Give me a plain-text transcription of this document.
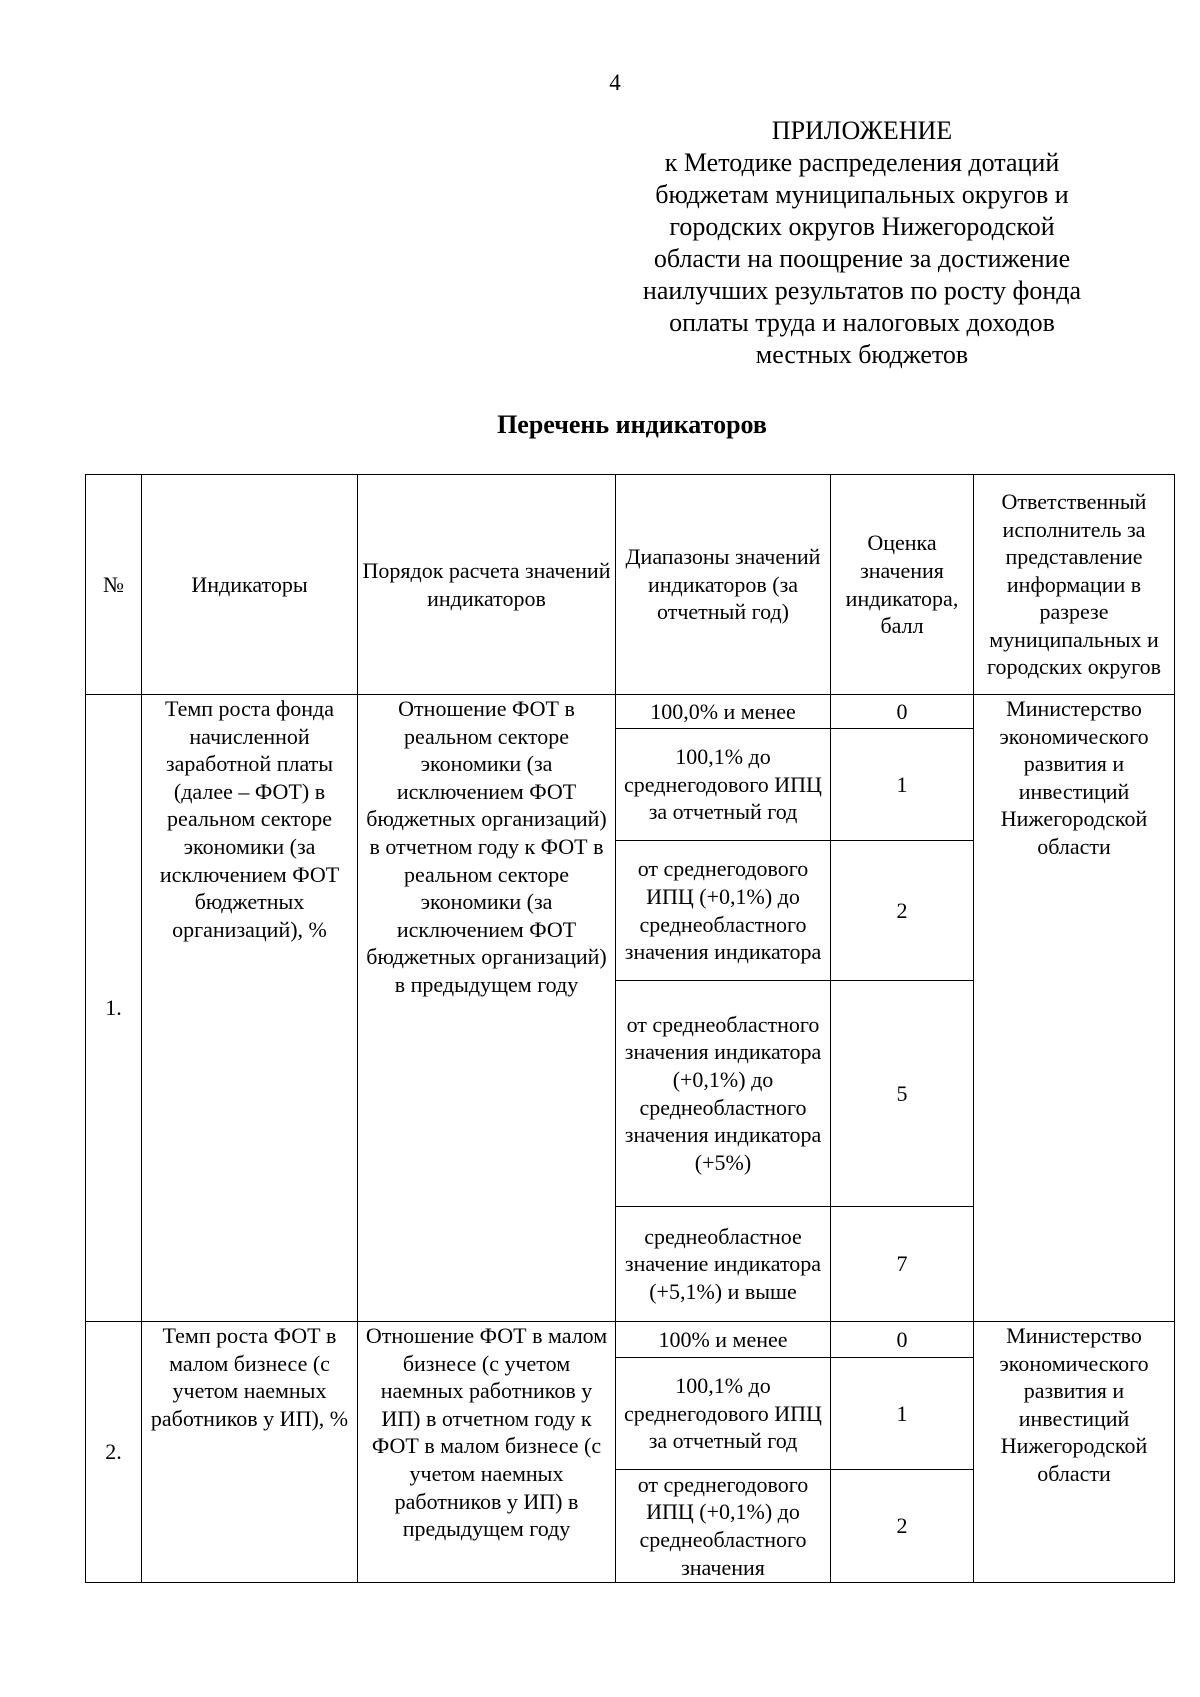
4
ПРИЛОЖЕНИЕ
к Методике распределения дотаций
бюджетам муниципальных округов и
городских округов Нижегородской
области на поощрение за достижение
наилучших результатов по росту фонда
оплаты труда и налоговых доходов
местных бюджетов
Перечень индикаторов
№	Индикаторы	Порядок расчета значений индикаторов	Диапазоны значений индикаторов (за отчетный год)	Оценка значения индикатора, балл	Ответственный исполнитель за представление информации в разрезе муниципальных и городских округов
1.	Темп роста фонда начисленной заработной платы (далее – ФОТ) в реальном секторе экономики (за исключением ФОТ бюджетных организаций), %	Отношение ФОТ в реальном секторе экономики (за исключением ФОТ бюджетных организаций) в отчетном году к ФОТ в реальном секторе экономики (за исключением ФОТ бюджетных организаций) в предыдущем году	100,0% и менее	0	Министерство экономического развития и инвестиций Нижегородской области
			100,1% до среднегодового ИПЦ за отчетный год	1	
			от среднегодового ИПЦ (+0,1%) до среднеобластного значения индикатора	2	
			от среднеобластного значения индикатора (+0,1%) до среднеобластного значения индикатора (+5%)	5	
			среднеобластное значение индикатора (+5,1%) и выше	7	
2.	Темп роста ФОТ в малом бизнесе (с учетом наемных работников у ИП), %	Отношение ФОТ в малом бизнесе (с учетом наемных работников у ИП) в отчетном году к ФОТ в малом бизнесе (с учетом наемных работников у ИП) в предыдущем году	100% и менее	0	Министерство экономического развития и инвестиций Нижегородской области
			100,1% до среднегодового ИПЦ за отчетный год	1	
			от среднегодового ИПЦ (+0,1%) до среднеобластного значения	2	
